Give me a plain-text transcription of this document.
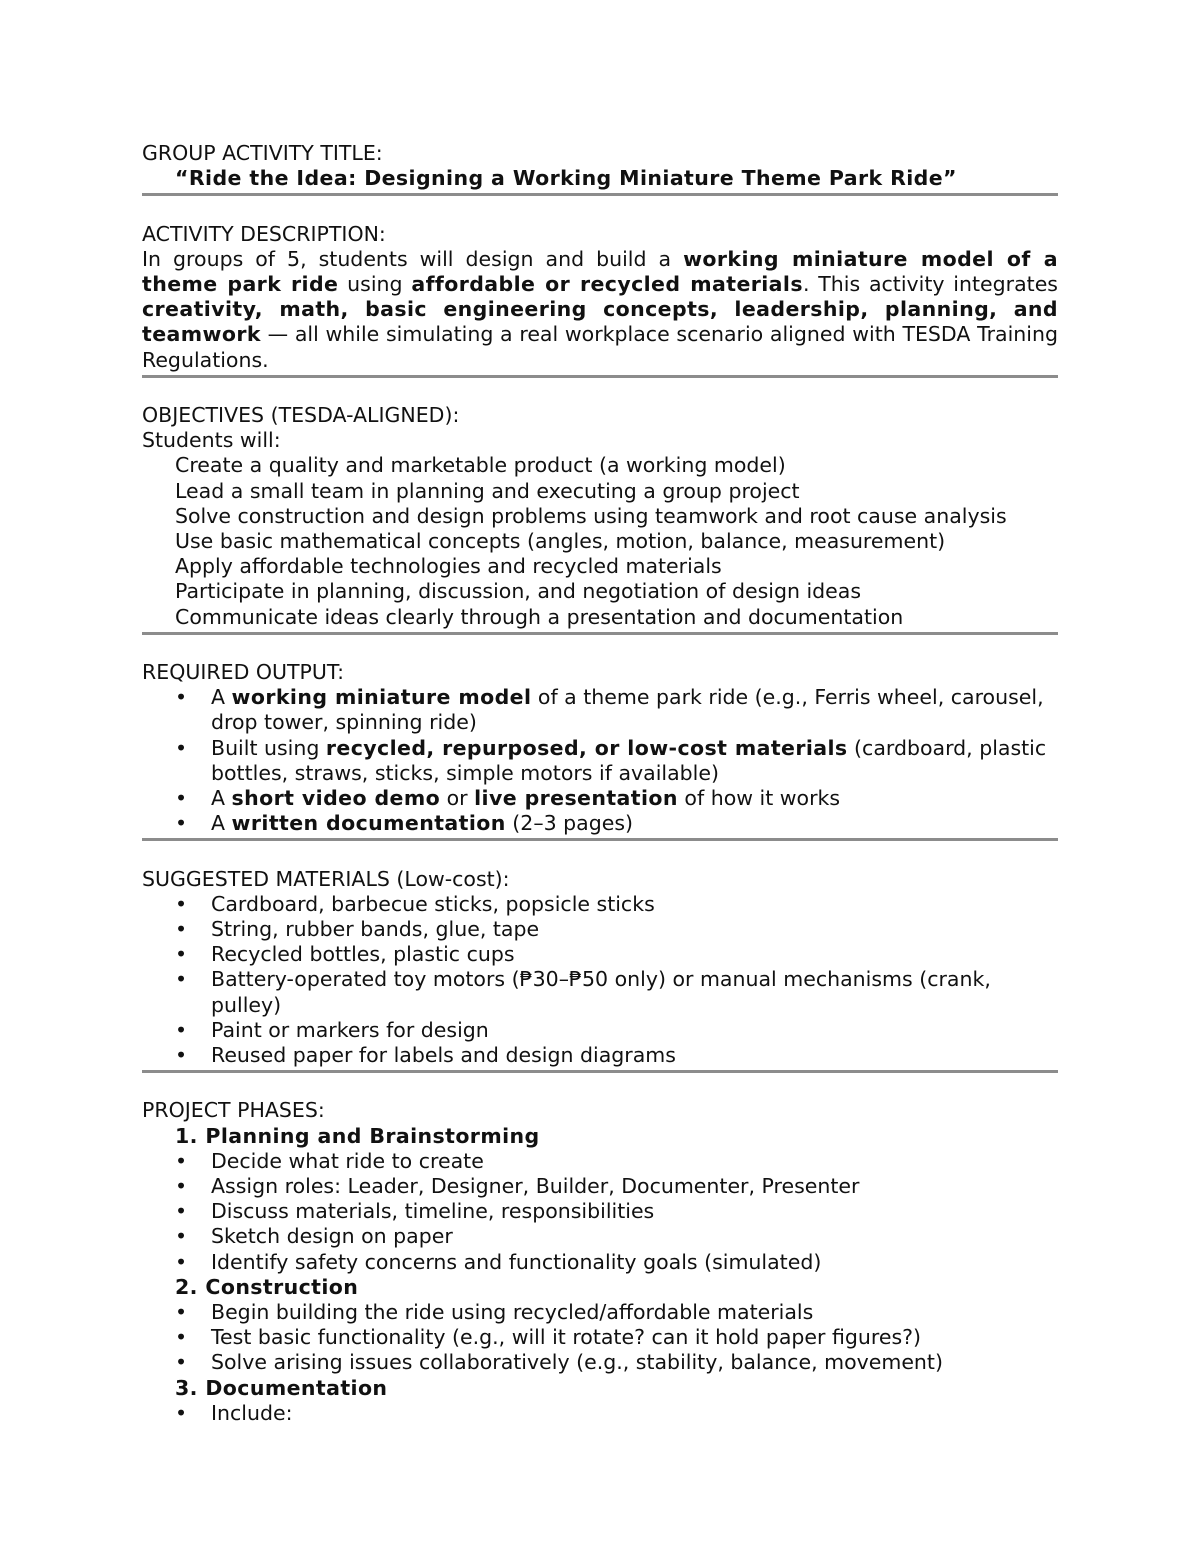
GROUP ACTIVITY TITLE:
“Ride the Idea: Designing a Working Miniature Theme Park Ride”
ACTIVITY DESCRIPTION:
In groups of 5, students will design and build a working miniature model of a theme park ride using affordable or recycled materials. This activity integrates creativity, math, basic engineering concepts, leadership, planning, and teamwork — all while simulating a real workplace scenario aligned with TESDA Training Regulations.
OBJECTIVES (TESDA-ALIGNED):
Students will:
Create a quality and marketable product (a working model)
Lead a small team in planning and executing a group project
Solve construction and design problems using teamwork and root cause analysis
Use basic mathematical concepts (angles, motion, balance, measurement)
Apply affordable technologies and recycled materials
Participate in planning, discussion, and negotiation of design ideas
Communicate ideas clearly through a presentation and documentation
REQUIRED OUTPUT:
• A working miniature model of a theme park ride (e.g., Ferris wheel, carousel, drop tower, spinning ride)
• Built using recycled, repurposed, or low-cost materials (cardboard, plastic bottles, straws, sticks, simple motors if available)
• A short video demo or live presentation of how it works
• A written documentation (2–3 pages)
SUGGESTED MATERIALS (Low-cost):
• Cardboard, barbecue sticks, popsicle sticks
• String, rubber bands, glue, tape
• Recycled bottles, plastic cups
• Battery-operated toy motors (₱30–₱50 only) or manual mechanisms (crank, pulley)
• Paint or markers for design
• Reused paper for labels and design diagrams
PROJECT PHASES:
1. Planning and Brainstorming
• Decide what ride to create
• Assign roles: Leader, Designer, Builder, Documenter, Presenter
• Discuss materials, timeline, responsibilities
• Sketch design on paper
• Identify safety concerns and functionality goals (simulated)
2. Construction
• Begin building the ride using recycled/affordable materials
• Test basic functionality (e.g., will it rotate? can it hold paper figures?)
• Solve arising issues collaboratively (e.g., stability, balance, movement)
3. Documentation
• Include:
